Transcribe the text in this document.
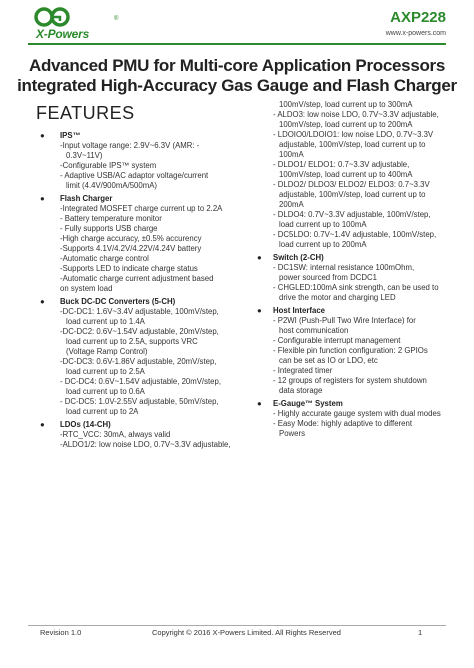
X-Powers
®	AXP228
www.x-powers.com
Advanced PMU for Multi-core Application Processors
integrated High-Accuracy Gas Gauge and Flash Charger
FEATURES
● IPS™
-Input voltage range: 2.9V~6.3V (AMR: -
0.3V~11V)
-Configurable IPS™ system
- Adaptive USB/AC adaptor voltage/current
limit (4.4V/900mA/500mA)
● Flash Charger
-Integrated MOSFET charge current up to 2.2A
- Battery temperature monitor
- Fully supports USB charge
-High charge accuracy, ±0.5% accurency
-Supports 4.1V/4.2V/4.22V/4.24V battery
-Automatic charge control
-Supports LED to indicate charge status
-Automatic charge current adjustment based
on system load
● Buck DC-DC Converters (5-CH)
-DC-DC1: 1.6V~3.4V adjustable, 100mV/step,
load current up to 1.4A
-DC-DC2: 0.6V~1.54V adjustable, 20mV/step,
load current up to 2.5A, supports VRC
(Voltage Ramp Control)
-DC-DC3: 0.6V-1.86V adjustable, 20mV/step,
load current up to 2.5A
- DC-DC4: 0.6V~1.54V adjustable, 20mV/step,
load current up to 0.6A
- DC-DC5: 1.0V-2.55V adjustable, 50mV/step,
load current up to 2A
● LDOs (14-CH)
-RTC_VCC: 30mA, always valid
-ALDO1/2: low noise LDO, 0.7V~3.3V adjustable,
100mV/step, load current up to 300mA
- ALDO3: low noise LDO, 0.7V~3.3V adjustable,
100mV/step, load current up to 200mA
- LDOIO0/LDOIO1: low noise LDO, 0.7V~3.3V
adjustable, 100mV/step, load current up to
100mA
- DLDO1/ ELDO1: 0.7~3.3V adjustable,
100mV/step, load current up to 400mA
- DLDO2/ DLDO3/ ELDO2/ ELDO3: 0.7~3.3V
adjustable, 100mV/step, load current up to
200mA
- DLDO4: 0.7V~3.3V adjustable, 100mV/step,
load current up to 100mA
- DC5LDO: 0.7V~1.4V adjustable, 100mV/step,
load current up to 200mA
● Switch (2-CH)
- DC1SW: internal resistance 100mOhm,
power sourced from DCDC1
- CHGLED:100mA sink strength, can be used to
drive the motor and charging LED
● Host Interface
- P2WI (Push-Pull Two Wire Interface) for
host communication
- Configurable interrupt management
- Flexible pin function configuration: 2 GPIOs
can be set as IO or LDO, etc
- Integrated timer
- 12 groups of registers for system shutdown
data storage
● E-Gauge™ System
- Highly accurate gauge system with dual modes
- Easy Mode: highly adaptive to different
Powers
Revision 1.0	Copyright © 2016 X-Powers Limited. All Rights Reserved	1
